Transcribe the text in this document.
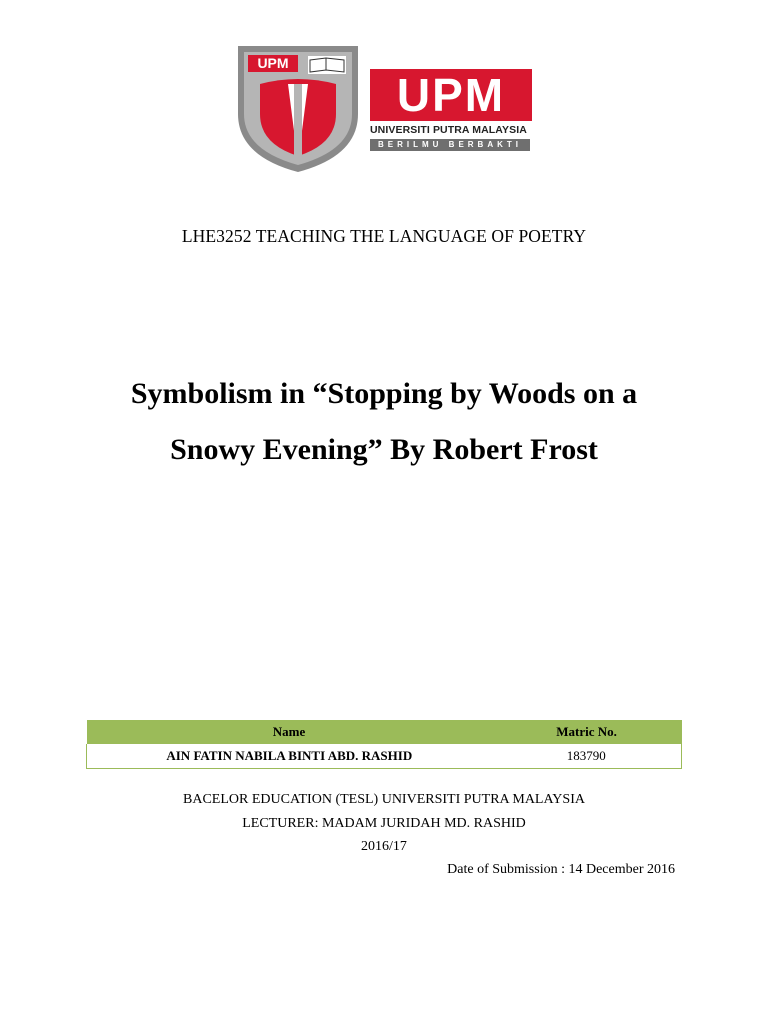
UPM
UPM
UNIVERSITI PUTRA MALAYSIA
BERILMU BERBAKTI
LHE3252 TEACHING THE LANGUAGE OF POETRY
Symbolism in “Stopping by Woods on a
Snowy Evening” By Robert Frost
Name	Matric No.
AIN FATIN NABILA BINTI ABD. RASHID	183790
BACELOR EDUCATION (TESL) UNIVERSITI PUTRA MALAYSIA
LECTURER: MADAM JURIDAH MD. RASHID
2016/17
Date of Submission : 14 December 2016
